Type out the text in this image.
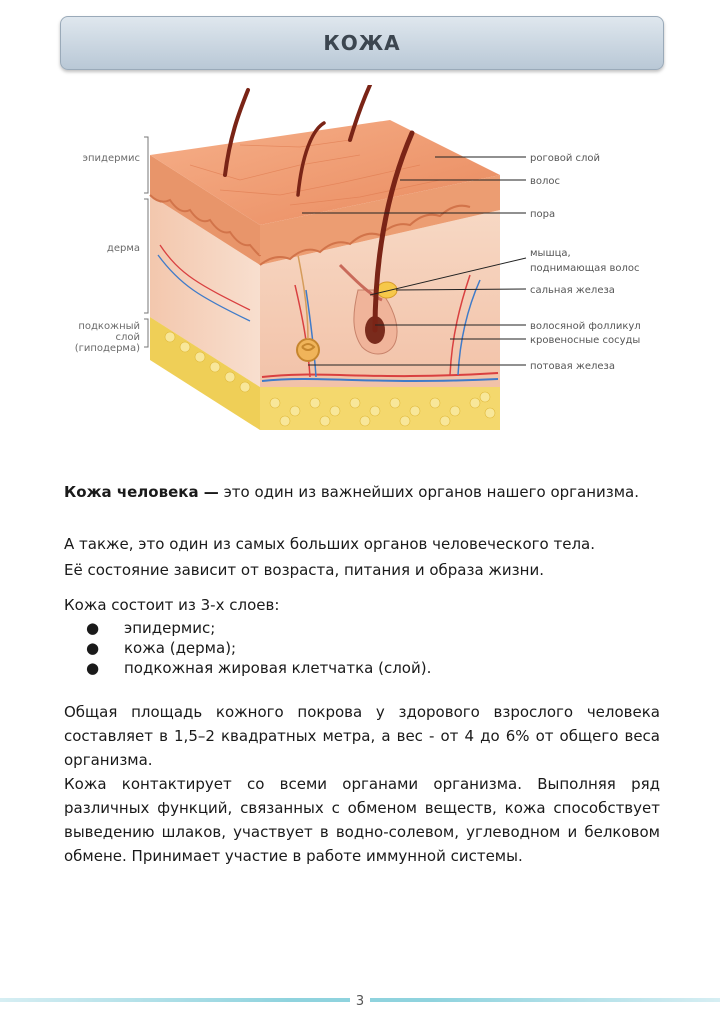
КОЖА
роговой слой
волос
пора
мышца,
поднимающая волос
сальная железа
волосяной фолликул
кровеносные сосуды
потовая железа
эпидермис
дерма
подкожный
слой
(гиподерма)
Кожа человека — это один из важнейших органов нашего организма.
А также, это один из самых больших органов человеческого тела.
Её состояние зависит от возраста, питания и образа жизни.
Кожа состоит из 3-х слоев:
● эпидермис;
● кожа (дерма);
● подкожная жировая клетчатка (слой).
Общая площадь кожного покрова у здорового взрослого человека составляет в 1,5–2 квадратных метра, а вес - от 4 до 6% от общего веса организма.
Кожа контактирует со всеми органами организма. Выполняя ряд различных функций, связанных с обменом веществ, кожа способствует выведению шлаков, участвует в водно-солевом, углеводном и белковом обмене. Принимает участие в работе иммунной системы.
3
